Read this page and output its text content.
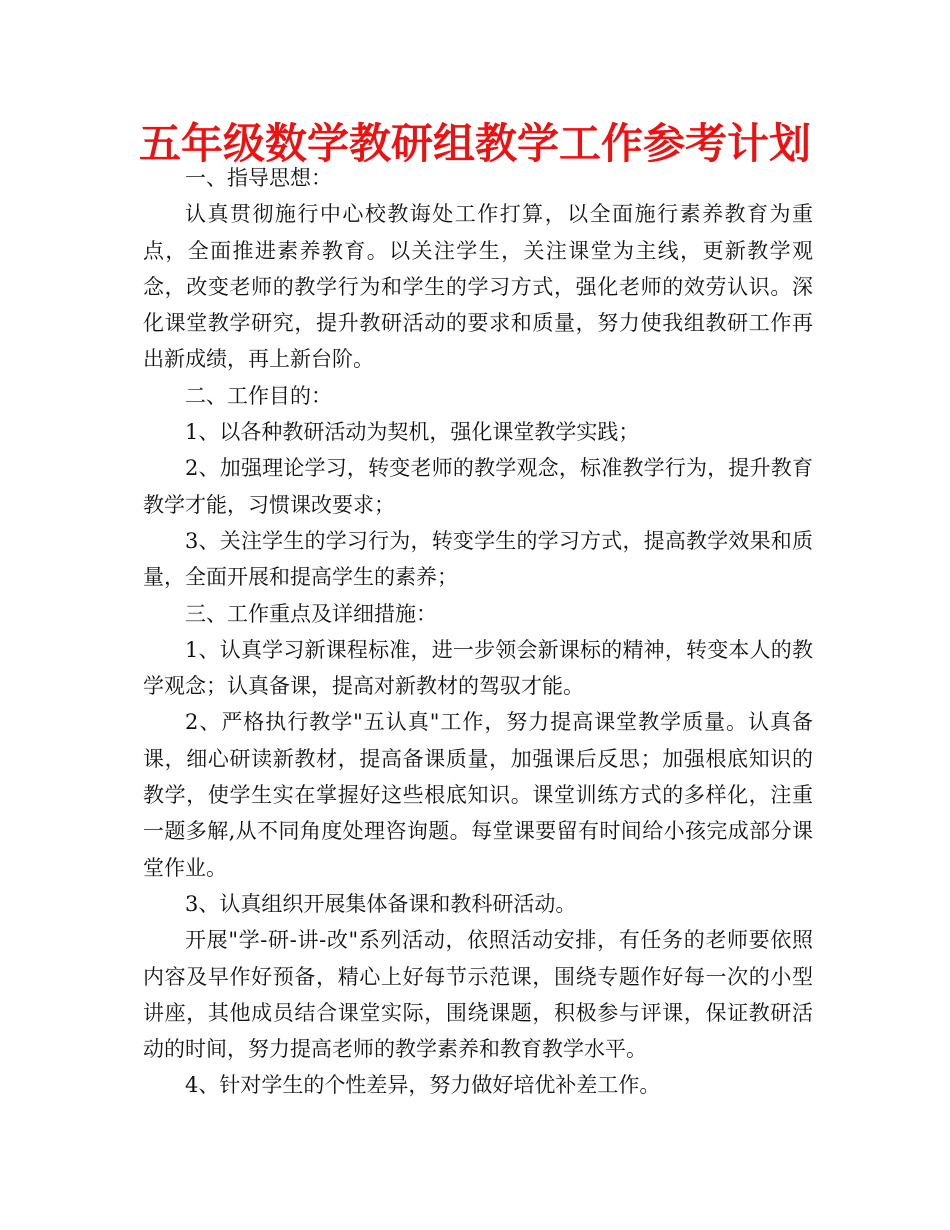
五年级数学教研组教学工作参考计划

一、指导思想：

认真贯彻施行中心校教诲处工作打算，以全面施行素养教育为重点，全面推进素养教育。以关注学生，关注课堂为主线，更新教学观念，改变老师的教学行为和学生的学习方式，强化老师的效劳认识。深化课堂教学研究，提升教研活动的要求和质量，努力使我组教研工作再出新成绩，再上新台阶。

二、工作目的：

1、以各种教研活动为契机，强化课堂教学实践；

2、加强理论学习，转变老师的教学观念，标准教学行为，提升教育教学才能，习惯课改要求；

3、关注学生的学习行为，转变学生的学习方式，提高教学效果和质量，全面开展和提高学生的素养；

三、工作重点及详细措施：

1、认真学习新课程标准，进一步领会新课标的精神，转变本人的教学观念；认真备课，提高对新教材的驾驭才能。

2、严格执行教学"五认真"工作，努力提高课堂教学质量。认真备课，细心研读新教材，提高备课质量，加强课后反思；加强根底知识的教学，使学生实在掌握好这些根底知识。课堂训练方式的多样化，注重一题多解,从不同角度处理咨询题。每堂课要留有时间给小孩完成部分课堂作业。

3、认真组织开展集体备课和教科研活动。

开展"学-研-讲-改"系列活动，依照活动安排，有任务的老师要依照内容及早作好预备，精心上好每节示范课，围绕专题作好每一次的小型讲座，其他成员结合课堂实际，围绕课题，积极参与评课，保证教研活动的时间，努力提高老师的教学素养和教育教学水平。

4、针对学生的个性差异，努力做好培优补差工作。
